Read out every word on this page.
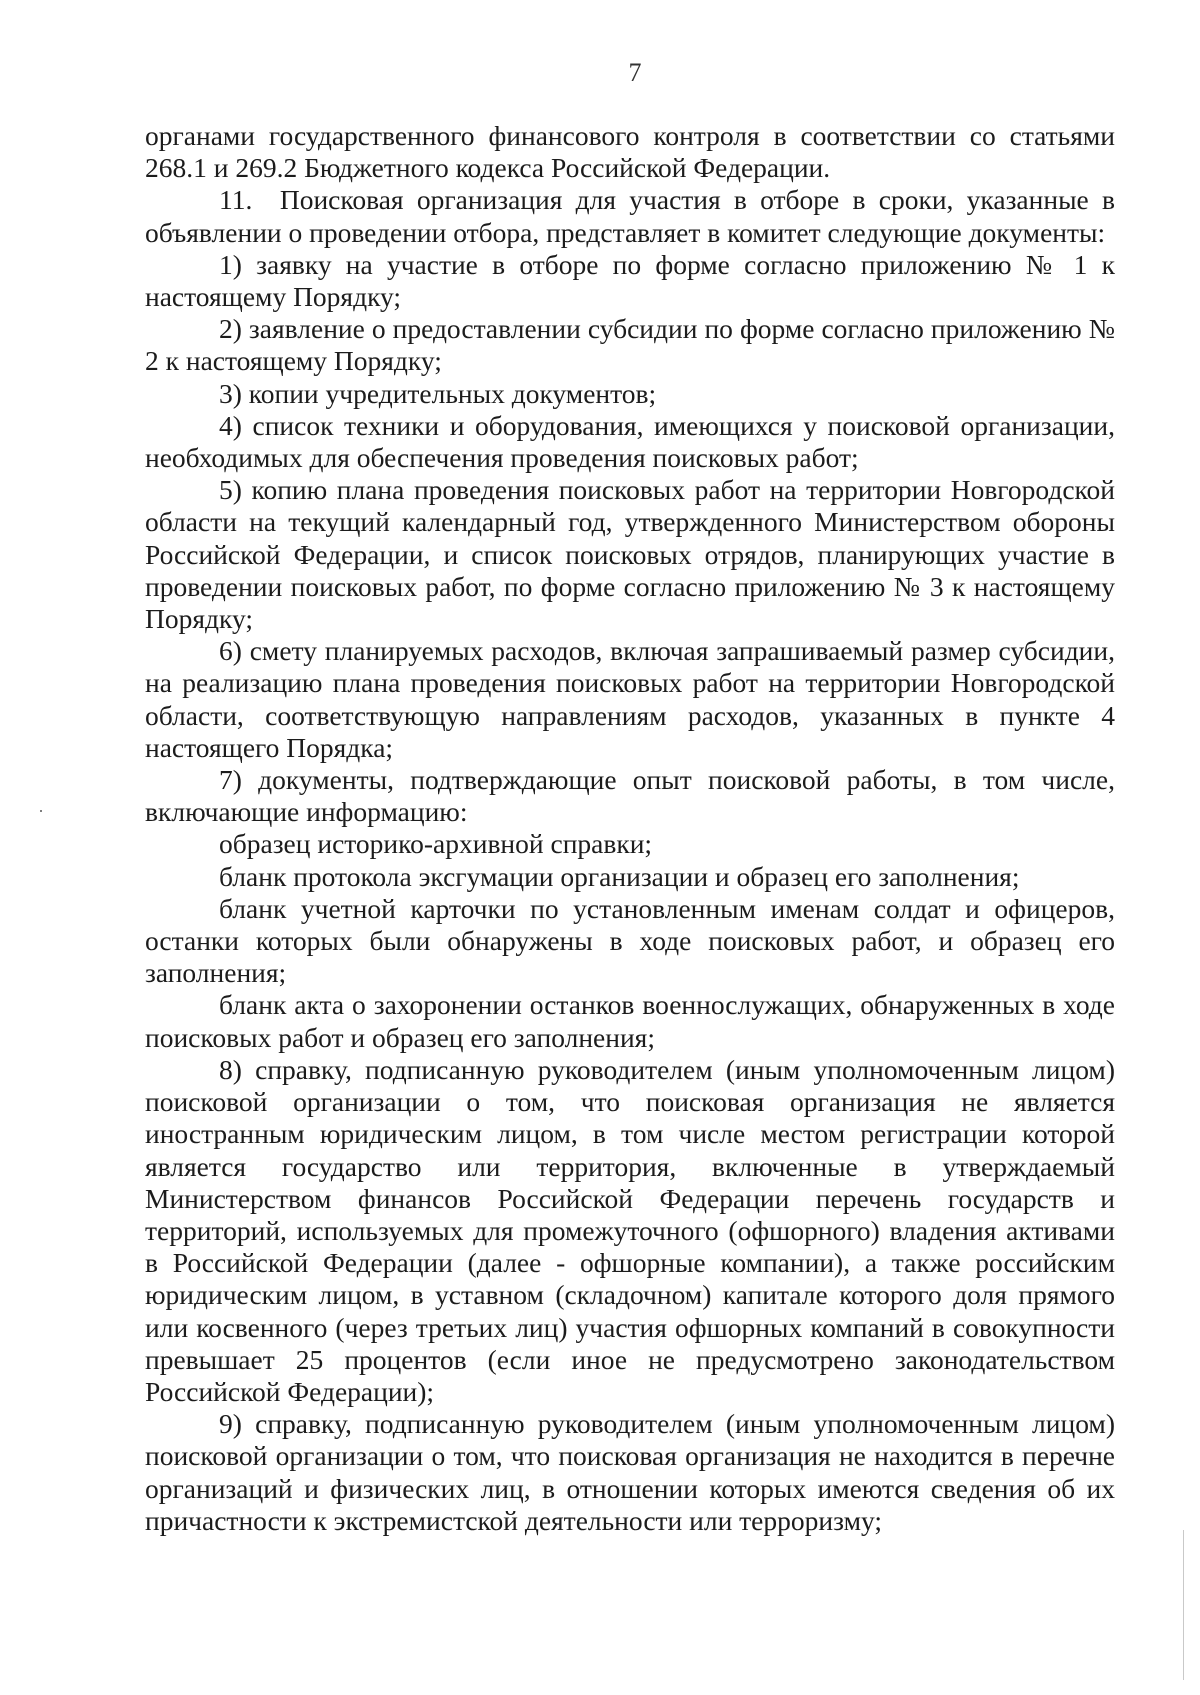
7

органами государственного финансового контроля в соответствии со статьями 268.1 и 269.2 Бюджетного кодекса Российской Федерации.

11. Поисковая организация для участия в отборе в сроки, указанные в объявлении о проведении отбора, представляет в комитет следующие документы:

1) заявку на участие в отборе по форме согласно приложению № 1 к настоящему Порядку;

2) заявление о предоставлении субсидии по форме согласно приложению № 2 к настоящему Порядку;

3) копии учредительных документов;

4) список техники и оборудования, имеющихся у поисковой организации, необходимых для обеспечения проведения поисковых работ;

5) копию плана проведения поисковых работ на территории Новгородской области на текущий календарный год, утвержденного Министерством обороны Российской Федерации, и список поисковых отрядов, планирующих участие в проведении поисковых работ, по форме согласно приложению № 3 к настоящему Порядку;

6) смету планируемых расходов, включая запрашиваемый размер субсидии, на реализацию плана проведения поисковых работ на территории Новгородской области, соответствующую направлениям расходов, указанных в пункте 4 настоящего Порядка;

7) документы, подтверждающие опыт поисковой работы, в том числе, включающие информацию:

образец историко-архивной справки;

бланк протокола эксгумации организации и образец его заполнения;

бланк учетной карточки по установленным именам солдат и офицеров, останки которых были обнаружены в ходе поисковых работ, и образец его заполнения;

бланк акта о захоронении останков военнослужащих, обнаруженных в ходе поисковых работ и образец его заполнения;

8) справку, подписанную руководителем (иным уполномоченным лицом) поисковой организации о том, что поисковая организация не является иностранным юридическим лицом, в том числе местом регистрации которой является государство или территория, включенные в утверждаемый Министерством финансов Российской Федерации перечень государств и территорий, используемых для промежуточного (офшорного) владения активами в Российской Федерации (далее - офшорные компании), а также российским юридическим лицом, в уставном (складочном) капитале которого доля прямого или косвенного (через третьих лиц) участия офшорных компаний в совокупности превышает 25 процентов (если иное не предусмотрено законодательством Российской Федерации);

9) справку, подписанную руководителем (иным уполномоченным лицом) поисковой организации о том, что поисковая организация не находится в перечне организаций и физических лиц, в отношении которых имеются сведения об их причастности к экстремистской деятельности или терроризму;
